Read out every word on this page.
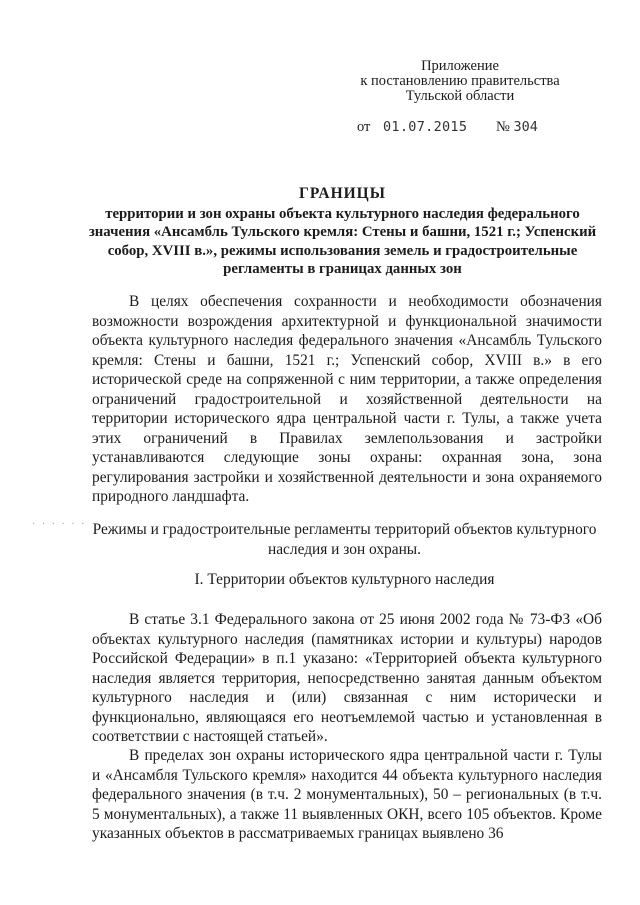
Приложение
к постановлению правительства
Тульской области
от 01.07.2015 № 304
ГРАНИЦЫ
территории и зон охраны объекта культурного наследия федерального значения «Ансамбль Тульского кремля: Стены и башни, 1521 г.; Успенский собор, XVIII в.», режимы использования земель и градостроительные регламенты в границах данных зон
В целях обеспечения сохранности и необходимости обозначения возможности возрождения архитектурной и функциональной значимости объекта культурного наследия федерального значения «Ансамбль Тульского кремля: Стены и башни, 1521 г.; Успенский собор, XVIII в.» в его исторической среде на сопряженной с ним территории, а также определения ограничений градостроительной и хозяйственной деятельности на территории исторического ядра центральной части г. Тулы, а также учета этих ограничений в Правилах землепользования и застройки устанавливаются следующие зоны охраны: охранная зона, зона регулирования застройки и хозяйственной деятельности и зона охраняемого природного ландшафта.
· · · · · · Режимы и градостроительные регламенты территорий объектов культурного наследия и зон охраны.
I. Территории объектов культурного наследия
В статье 3.1 Федерального закона от 25 июня 2002 года № 73-ФЗ «Об объектах культурного наследия (памятниках истории и культуры) народов Российской Федерации» в п.1 указано: «Территорией объекта культурного наследия является территория, непосредственно занятая данным объектом культурного наследия и (или) связанная с ним исторически и функционально, являющаяся его неотъемлемой частью и установленная в соответствии с настоящей статьей».
В пределах зон охраны исторического ядра центральной части г. Тулы и «Ансамбля Тульского кремля» находится 44 объекта культурного наследия федерального значения (в т.ч. 2 монументальных), 50 – региональных (в т.ч. 5 монументальных), а также 11 выявленных ОКН, всего 105 объектов. Кроме указанных объектов в рассматриваемых границах выявлено 36
